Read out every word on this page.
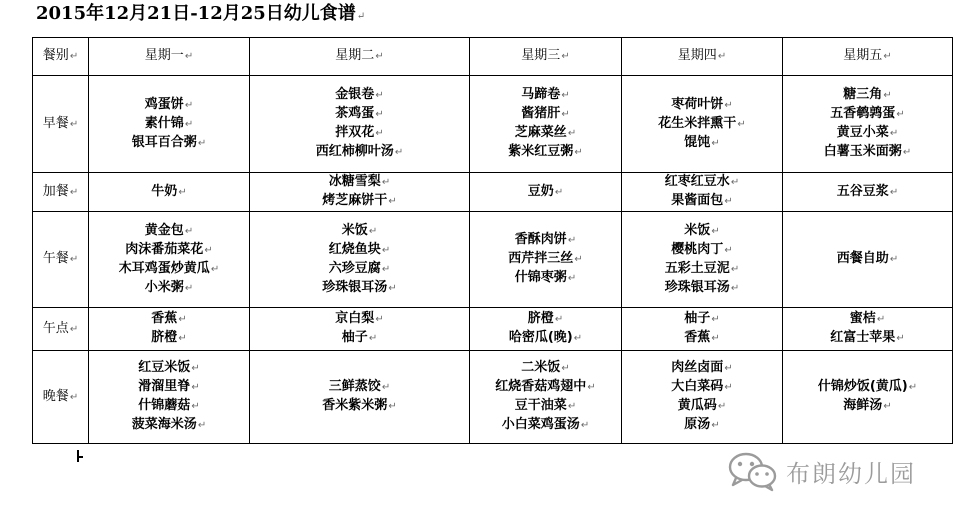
2015年12月21日-12月25日幼儿食谱↵
餐别↵	星期一↵	星期二↵	星期三↵	星期四↵	星期五↵
早餐↵	鸡蛋饼↵
素什锦↵
银耳百合粥↵	金银卷↵
茶鸡蛋↵
拌双花↵
西红柿柳叶汤↵	马蹄卷↵
酱猪肝↵
芝麻菜丝↵
紫米红豆粥↵	枣荷叶饼↵
花生米拌熏干↵
馄饨↵	糖三角↵
五香鹌鹑蛋↵
黄豆小菜↵
白薯玉米面粥↵

加餐↵	牛奶↵	冰糖雪梨↵
烤芝麻饼干↵	豆奶↵	红枣红豆水↵
果酱面包↵	五谷豆浆↵

午餐↵	黄金包↵
肉沫番茄菜花↵
木耳鸡蛋炒黄瓜↵
小米粥↵	米饭↵
红烧鱼块↵
六珍豆腐↵
珍珠银耳汤↵	香酥肉饼↵
西芹拌三丝↵
什锦枣粥↵	米饭↵
樱桃肉丁↵
五彩土豆泥↵
珍珠银耳汤↵	西餐自助↵

午点↵	香蕉↵
脐橙↵	京白梨↵
柚子↵	脐橙↵
哈密瓜(晚)↵	柚子↵
香蕉↵	蜜桔↵
红富士苹果↵

晚餐↵	红豆米饭↵
滑溜里脊↵
什锦蘑菇↵
菠菜海米汤↵	三鲜蒸饺↵
香米紫米粥↵	二米饭↵
红烧香菇鸡翅中↵
豆干油菜↵
小白菜鸡蛋汤↵	肉丝卤面↵
大白菜码↵
黄瓜码↵
原汤↵	什锦炒饭(黄瓜)↵
海鲜汤↵
布朗幼儿园
